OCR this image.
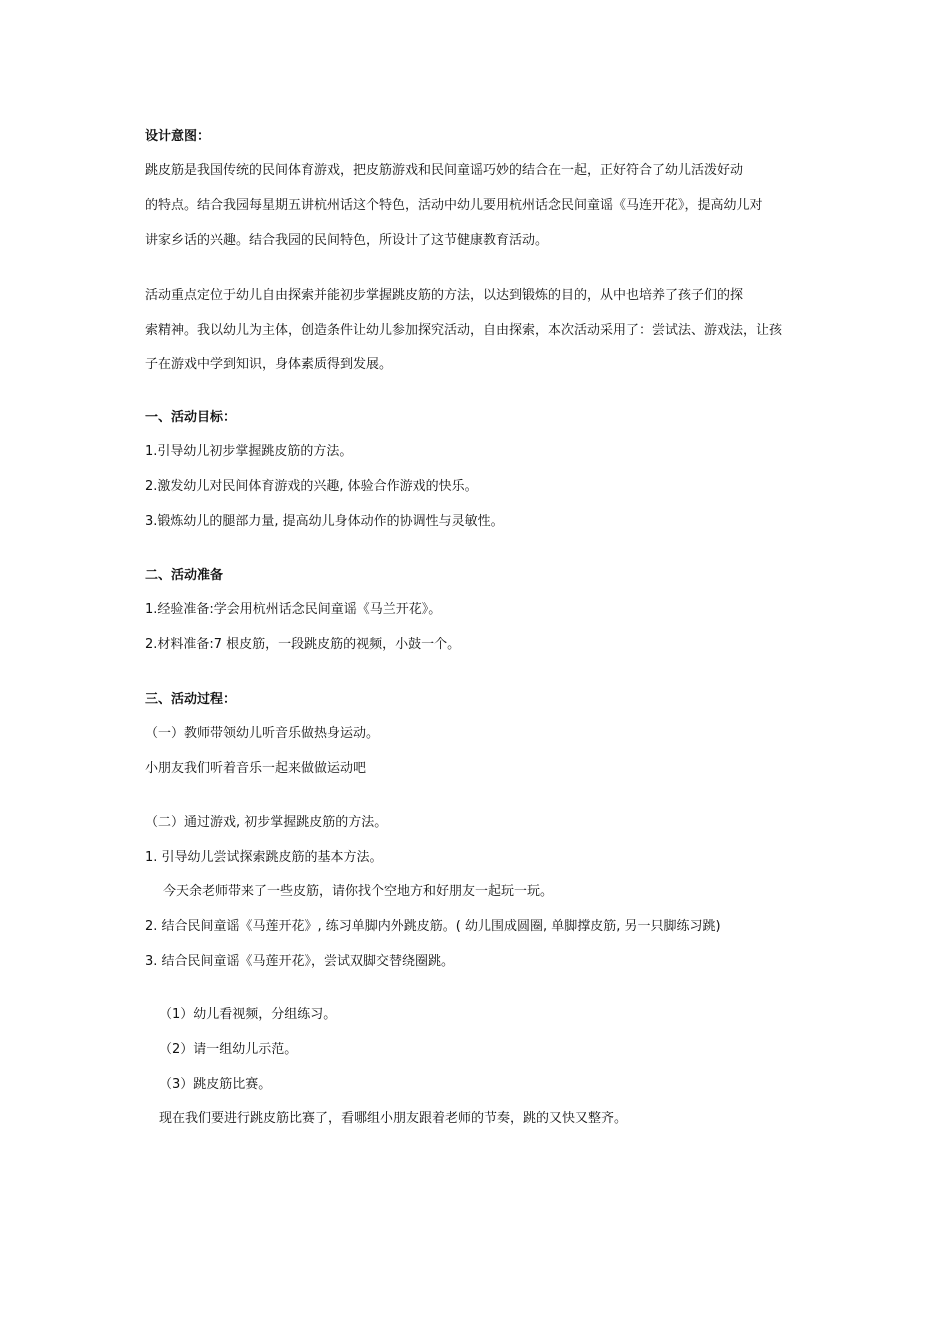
设计意图：
跳皮筋是我国传统的民间体育游戏，把皮筋游戏和民间童谣巧妙的结合在一起，正好符合了幼儿活泼好动
的特点。结合我园每星期五讲杭州话这个特色，活动中幼儿要用杭州话念民间童谣《马连开花》，提高幼儿对
讲家乡话的兴趣。结合我园的民间特色，所设计了这节健康教育活动。
活动重点定位于幼儿自由探索并能初步掌握跳皮筋的方法，以达到锻炼的目的，从中也培养了孩子们的探
索精神。我以幼儿为主体，创造条件让幼儿参加探究活动，自由探索，本次活动采用了：尝试法、游戏法，让孩
子在游戏中学到知识，身体素质得到发展。
一、活动目标：
1.引导幼儿初步掌握跳皮筋的方法。
2.激发幼儿对民间体育游戏的兴趣, 体验合作游戏的快乐。
3.锻炼幼儿的腿部力量, 提高幼儿身体动作的协调性与灵敏性。
二、活动准备
1.经验准备:学会用杭州话念民间童谣《马兰开花》。
2.材料准备:7 根皮筋，一段跳皮筋的视频，小鼓一个。
三、活动过程：
（一）教师带领幼儿听音乐做热身运动。
小朋友我们听着音乐一起来做做运动吧
（二）通过游戏, 初步掌握跳皮筋的方法。
1. 引导幼儿尝试探索跳皮筋的基本方法。
今天余老师带来了一些皮筋，请你找个空地方和好朋友一起玩一玩。
2. 结合民间童谣《马莲开花》, 练习单脚内外跳皮筋。( 幼儿围成圆圈, 单脚撑皮筋, 另一只脚练习跳)
3. 结合民间童谣《马莲开花》，尝试双脚交替绕圈跳。
（1）幼儿看视频，分组练习。
（2）请一组幼儿示范。
（3）跳皮筋比赛。
现在我们要进行跳皮筋比赛了，看哪组小朋友跟着老师的节奏，跳的又快又整齐。
